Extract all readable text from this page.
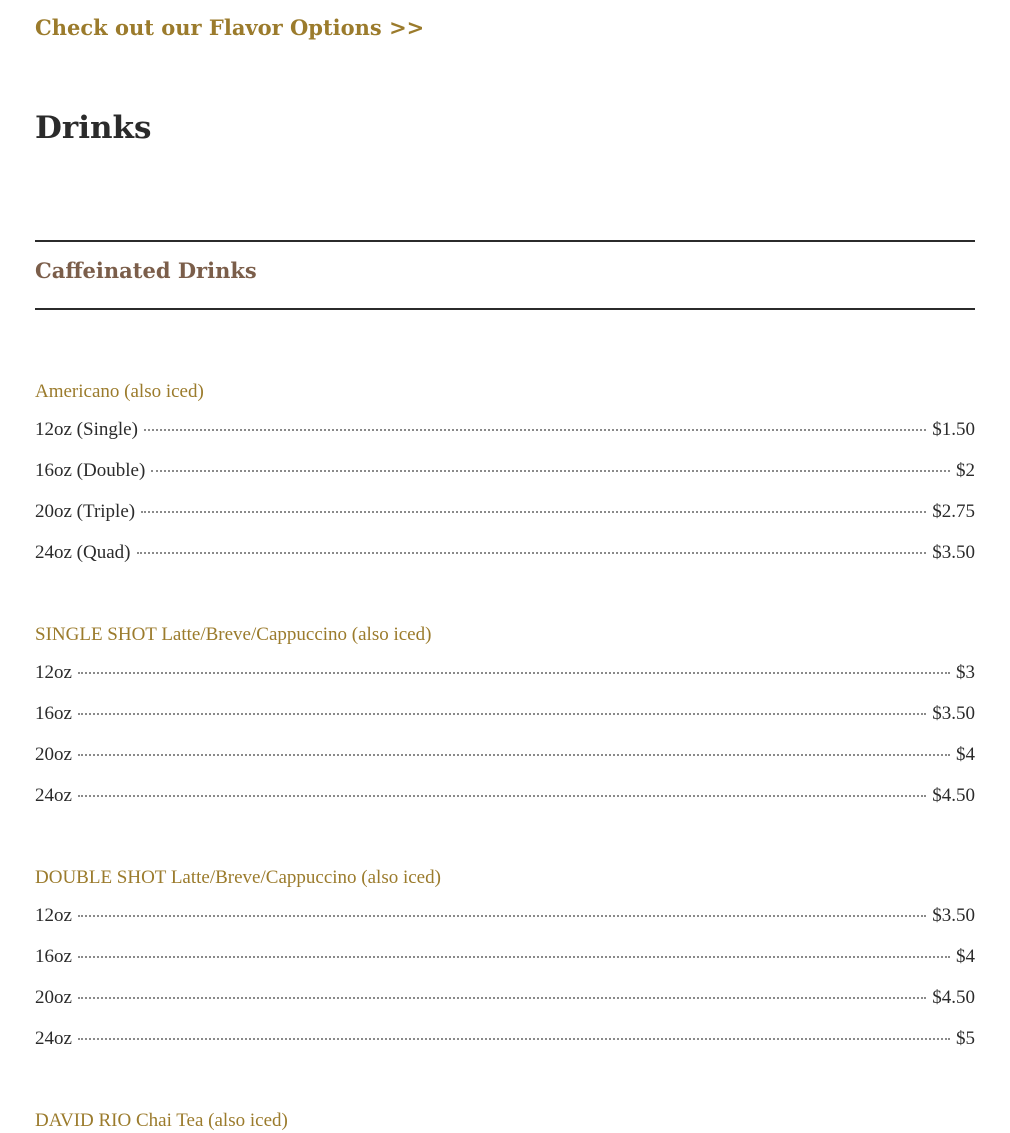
Check out our Flavor Options >>
Drinks
Caffeinated Drinks
Americano (also iced)
12oz (Single)	$1.50
16oz (Double)	$2
20oz (Triple)	$2.75
24oz (Quad)	$3.50
SINGLE SHOT Latte/Breve/Cappuccino (also iced)
12oz	$3
16oz	$3.50
20oz	$4
24oz	$4.50
DOUBLE SHOT Latte/Breve/Cappuccino (also iced)
12oz	$3.50
16oz	$4
20oz	$4.50
24oz	$5
DAVID RIO Chai Tea (also iced)
